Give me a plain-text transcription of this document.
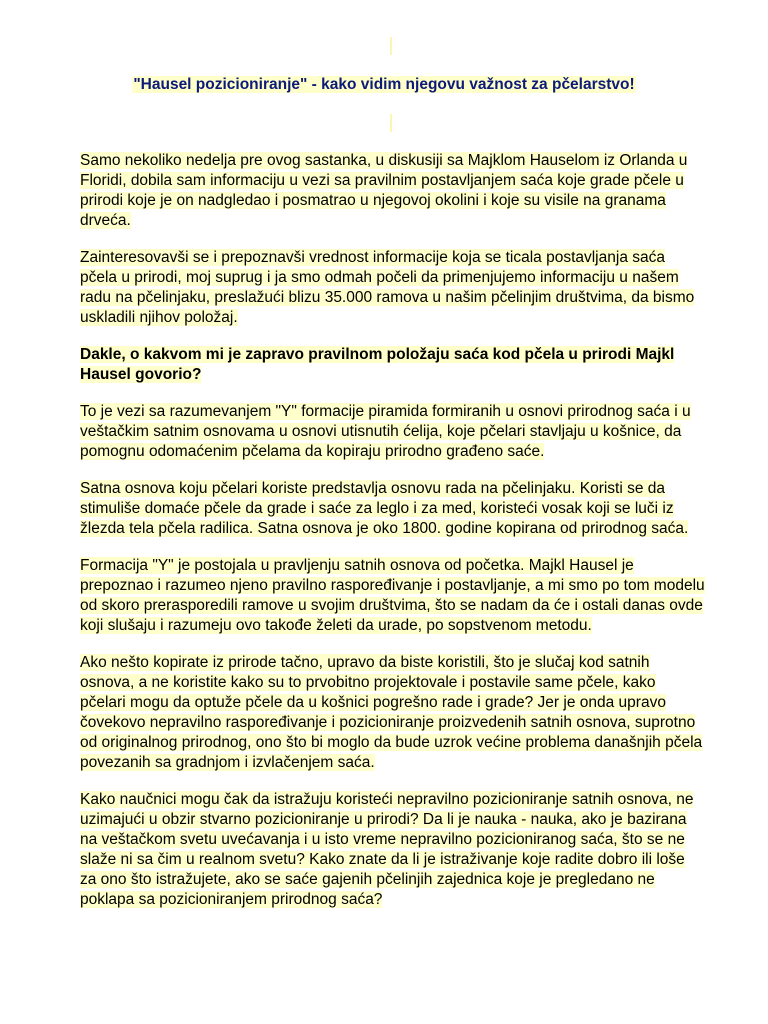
"Hausel pozicioniranje" - kako vidim njegovu važnost za pčelarstvo!

Samo nekoliko nedelja pre ovog sastanka, u diskusiji sa Majklom Hauselom iz Orlanda u Floridi, dobila sam informaciju u vezi sa pravilnim postavljanjem saća koje grade pčele u prirodi koje je on nadgledao i posmatrao u njegovoj okolini i koje su visile na granama drveća.

Zainteresovavši se i prepoznavši vrednost informacije koja se ticala postavljanja saća pčela u prirodi, moj suprug i ja smo odmah počeli da primenjujemo informaciju u našem radu na pčelinjaku, preslažući blizu 35.000 ramova u našim pčelinjim društvima, da bismo uskladili njihov položaj.

Dakle, o kakvom mi je zapravo pravilnom položaju saća kod pčela u prirodi Majkl Hausel govorio?

To je vezi sa razumevanjem "Y" formacije piramida formiranih u osnovi prirodnog saća i u veštačkim satnim osnovama u osnovi utisnutih ćelija, koje pčelari stavljaju u košnice, da pomognu odomaćenim pčelama da kopiraju prirodno građeno saće.

Satna osnova koju pčelari koriste predstavlja osnovu rada na pčelinjaku. Koristi se da stimuliše domaće pčele da grade i saće za leglo i za med, koristeći vosak koji se luči iz žlezda tela pčela radilica. Satna osnova je oko 1800. godine kopirana od prirodnog saća.

Formacija "Y" je postojala u pravljenju satnih osnova od početka. Majkl Hausel je prepoznao i razumeo njeno pravilno raspoređivanje i postavljanje, a mi smo po tom modelu od skoro prerasporedili ramove u svojim društvima, što se nadam da će i ostali danas ovde koji slušaju i razumeju ovo takođe želeti da urade, po sopstvenom metodu.

Ako nešto kopirate iz prirode tačno, upravo da biste koristili, što je slučaj kod satnih osnova, a ne koristite kako su to prvobitno projektovale i postavile same pčele, kako pčelari mogu da optuže pčele da u košnici pogrešno rade i grade? Jer je onda upravo čovekovo nepravilno raspoređivanje i pozicioniranje proizvedenih satnih osnova, suprotno od originalnog prirodnog, ono što bi moglo da bude uzrok većine problema današnjih pčela povezanih sa gradnjom i izvlačenjem saća.

Kako naučnici mogu čak da istražuju koristeći nepravilno pozicioniranje satnih osnova, ne uzimajući u obzir stvarno pozicioniranje u prirodi? Da li je nauka - nauka, ako je bazirana na veštačkom svetu uvećavanja i u isto vreme nepravilno pozicioniranog saća, što se ne slaže ni sa čim u realnom svetu? Kako znate da li je istraživanje koje radite dobro ili loše za ono što istražujete, ako se saće gajenih pčelinjih zajednica koje je pregledano ne poklapa sa pozicioniranjem prirodnog saća?
